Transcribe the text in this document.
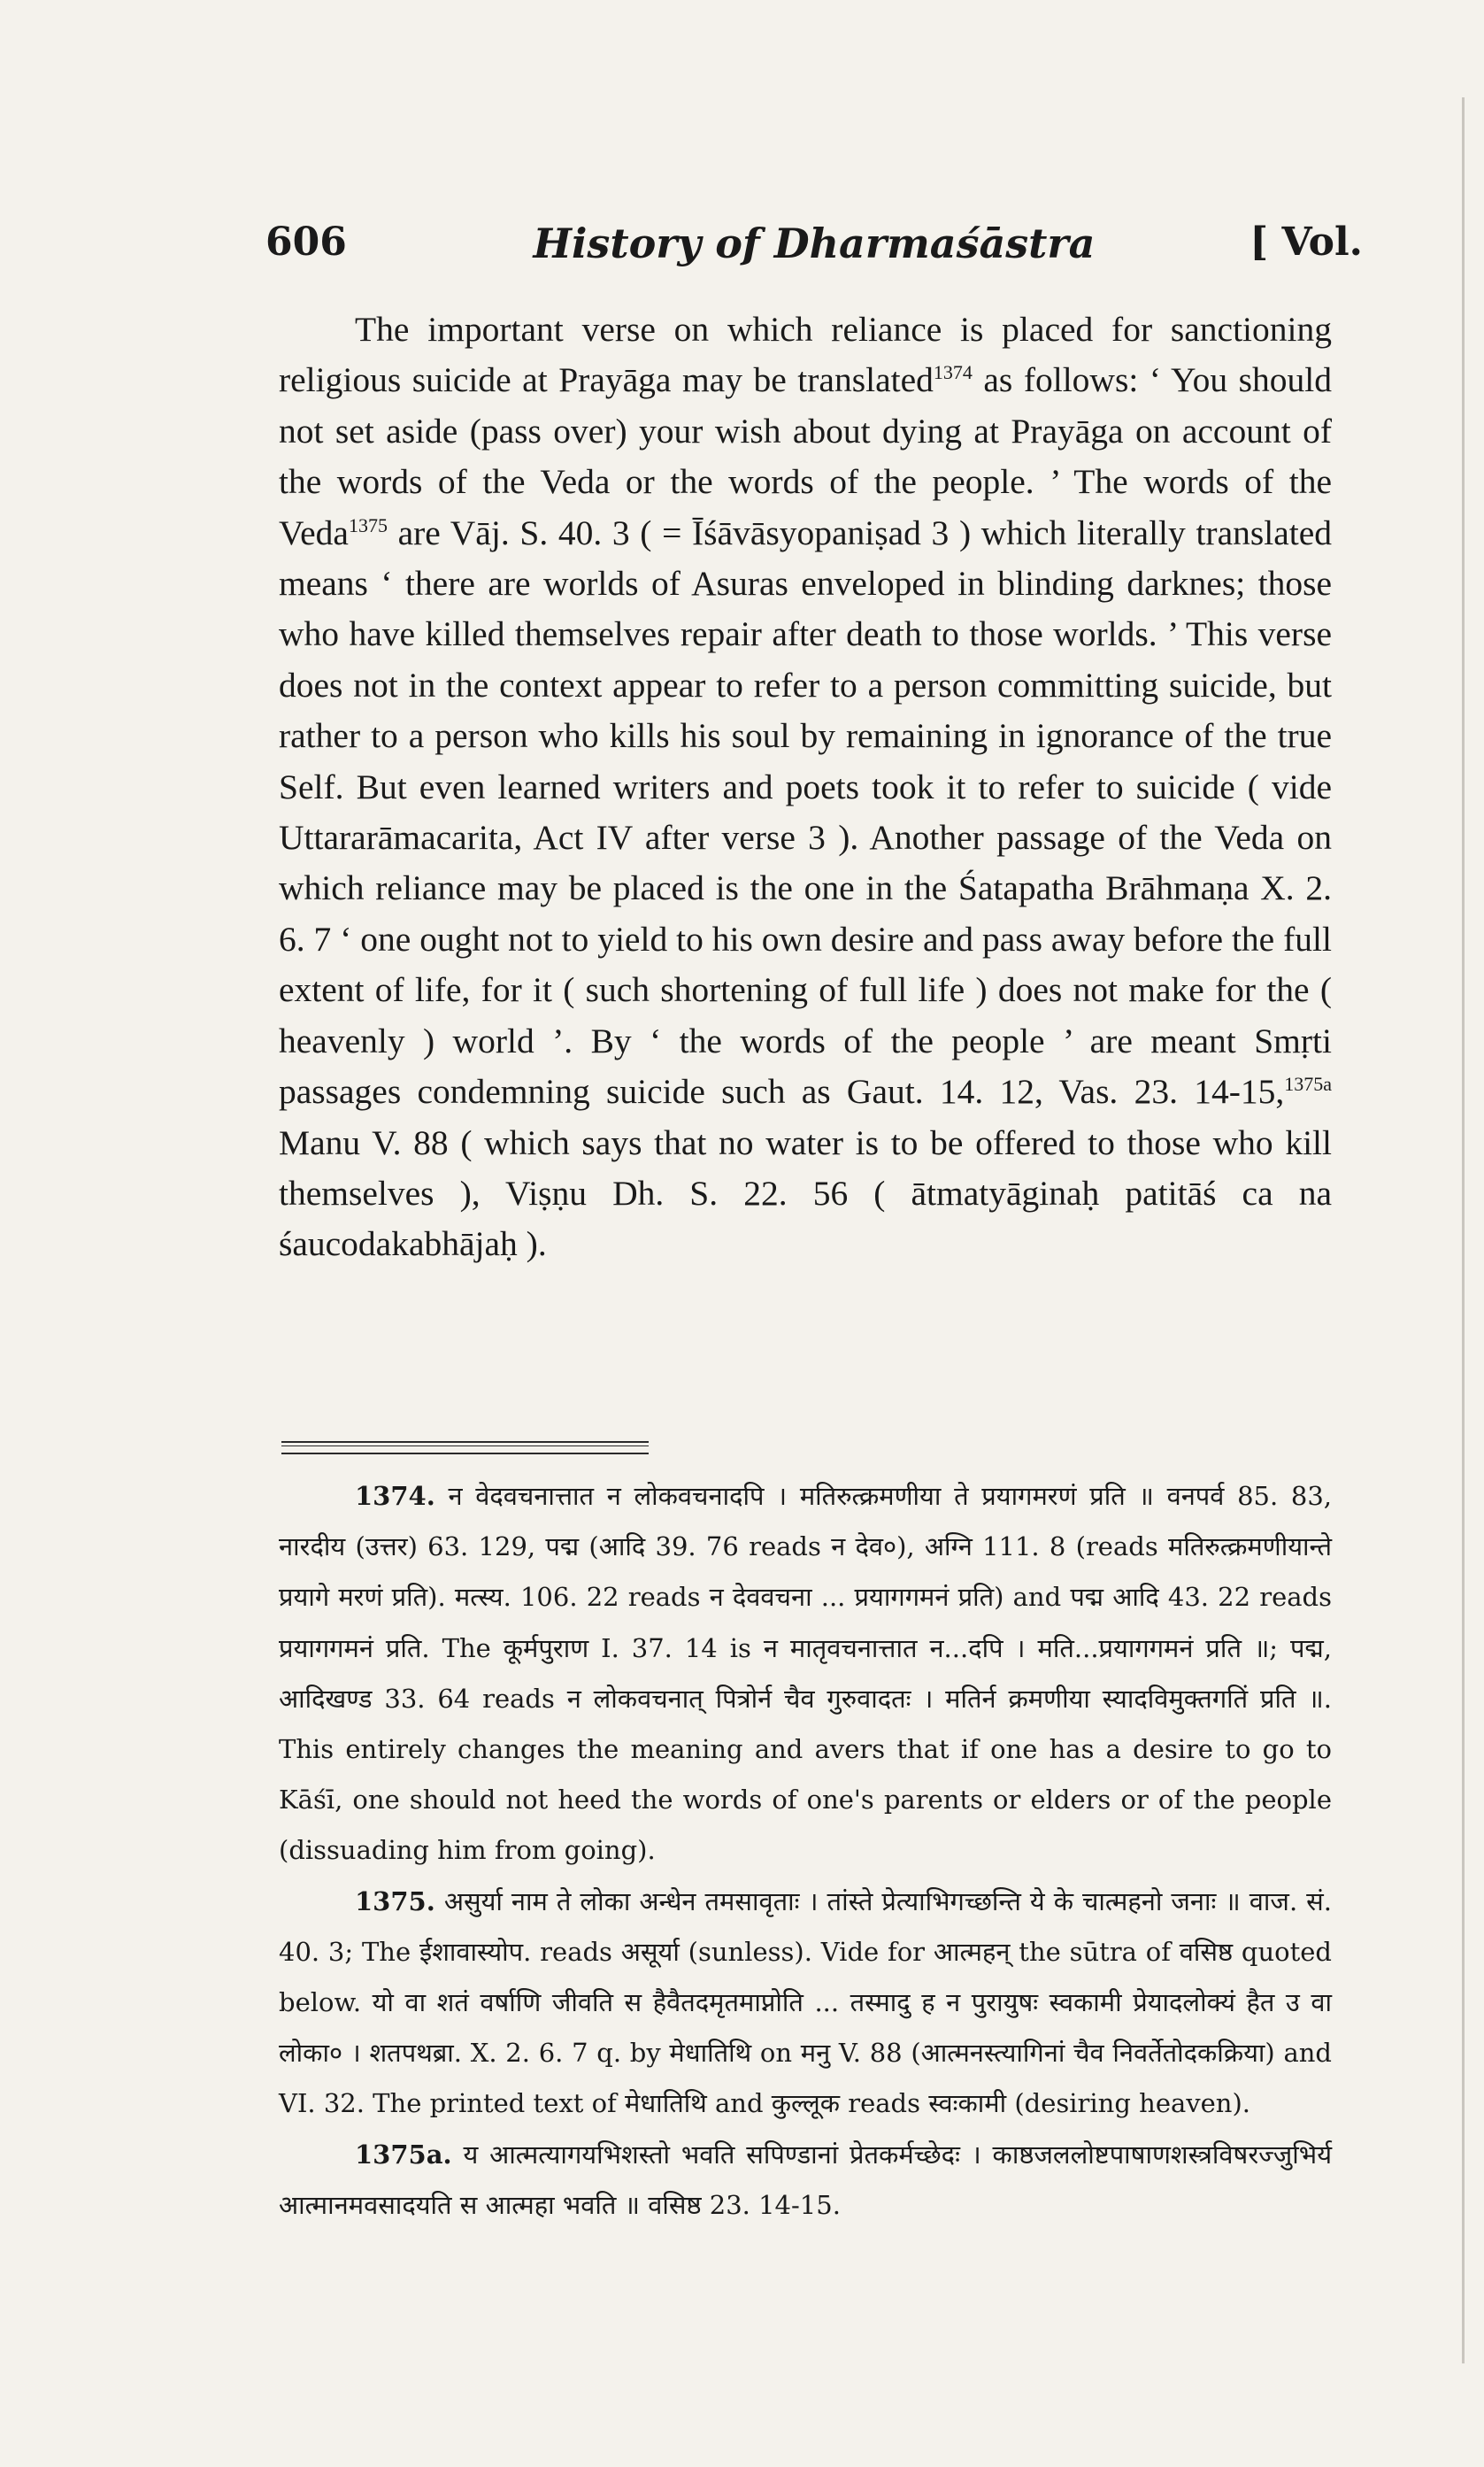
606	History of Dharmaśāstra	[ Vol.

The important verse on which reliance is placed for sanctioning religious suicide at Prayāga may be translated$^{1374}$ as follows: ‘ You should not set aside (pass over) your wish about dying at Prayāga on account of the words of the Veda or the words of the people. ’ The words of the Veda$^{1375}$ are Vāj. S. 40. 3 ( = Īśāvāsyopaniṣad 3 ) which literally translated means ‘ there are worlds of Asuras enveloped in blinding darknes; those who have killed themselves repair after death to those worlds. ’ This verse does not in the context appear to refer to a person committing suicide, but rather to a person who kills his soul by remaining in ignorance of the true Self. But even learned writers and poets took it to refer to suicide ( vide Uttararāmacarita, Act IV after verse 3 ). Another passage of the Veda on which reliance may be placed is the one in the Śatapatha Brāhmaṇa X. 2. 6. 7 ‘ one ought not to yield to his own desire and pass away before the full extent of life, for it ( such shortening of full life ) does not make for the ( heavenly ) world ’. By ‘ the words of the people ’ are meant Smṛti passages condemning suicide such as Gaut. 14. 12, Vas. 23. 14-15,$^{1375a}$ Manu V. 88 ( which says that no water is to be offered to those who kill themselves ), Viṣṇu Dh. S. 22. 56 ( ātmatyāginaḥ patitāś ca na śaucodakabhājaḥ ).

1374. न वेदवचनात्तात न लोकवचनादपि । मतिरुत्क्रमणीया ते प्रयागमरणं प्रति ॥ वनपर्व 85. 83, नारदीय (उत्तर) 63. 129, पद्म (आदि 39. 76 reads न देव०), अग्नि 111. 8 (reads मतिरुत्क्रमणीयान्ते प्रयागे मरणं प्रति). मत्स्य. 106. 22 reads न देववचना ... प्रयागगमनं प्रति) and पद्म आदि 43. 22 reads प्रयागगमनं प्रति. The कूर्मपुराण I. 37. 14 is न मातृवचनात्तात न...दपि । मति...प्रयागगमनं प्रति ॥; पद्म, आदिखण्ड 33. 64 reads न लोकवचनात् पित्रोर्न चैव गुरुवादतः । मतिर्न क्रमणीया स्यादविमुक्तगतिं प्रति ॥. This entirely changes the meaning and avers that if one has a desire to go to Kāśī, one should not heed the words of one's parents or elders or of the people (dissuading him from going).

1375. असुर्या नाम ते लोका अन्धेन तमसावृताः । तांस्ते प्रेत्याभिगच्छन्ति ये के चात्महनो जनाः ॥ वाज. सं. 40. 3; The ईशावास्योप. reads असूर्या (sunless). Vide for आत्महन् the sūtra of वसिष्ठ quoted below. यो वा शतं वर्षाणि जीवति स हैवैतदमृतमाप्नोति ... तस्मादु ह न पुरायुषः स्वकामी प्रेयादलोक्यं हैत उ वा लोका० । शतपथब्रा. X. 2. 6. 7 q. by मेधातिथि on मनु V. 88 (आत्मनस्त्यागिनां चैव निवर्तेतोदकक्रिया) and VI. 32. The printed text of मेधातिथि and कुल्लूक reads स्वःकामी (desiring heaven).

1375a. य आत्मत्यागयभिशस्तो भवति सपिण्डानां प्रेतकर्मच्छेदः । काष्ठजललोष्टपाषाणशस्त्रविषरज्जुभिर्य आत्मानमवसादयति स आत्महा भवति ॥ वसिष्ठ 23. 14-15.
